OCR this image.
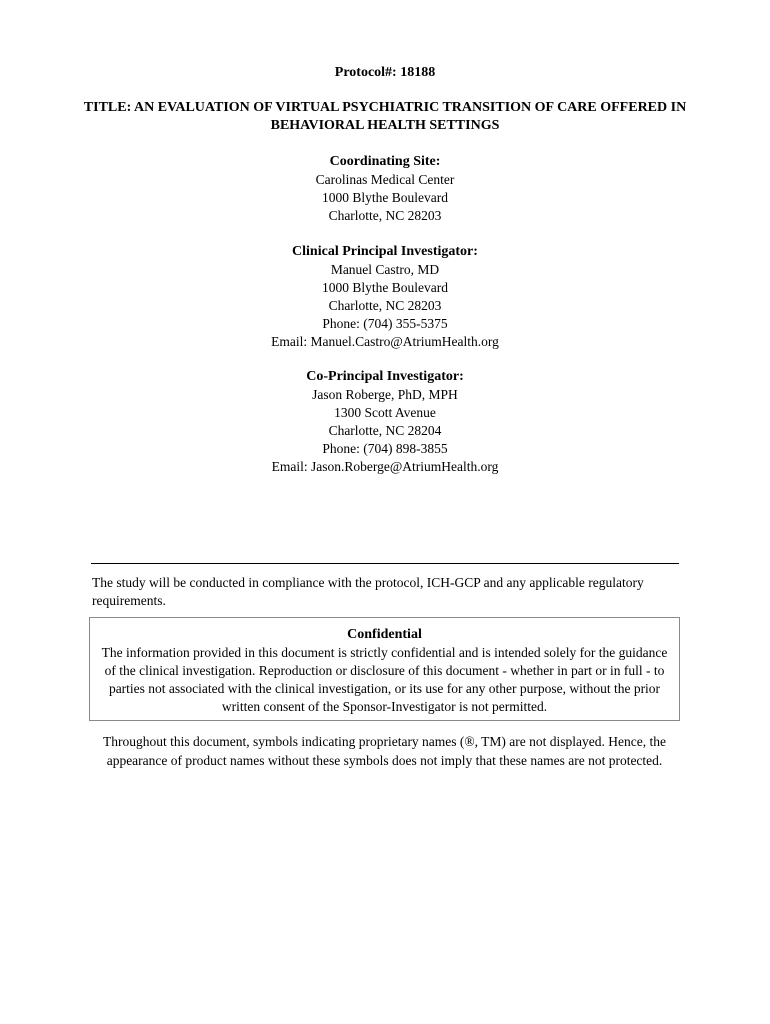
Protocol#: 18188
TITLE: AN EVALUATION OF VIRTUAL PSYCHIATRIC TRANSITION OF CARE OFFERED IN BEHAVIORAL HEALTH SETTINGS
Coordinating Site:
Carolinas Medical Center
1000 Blythe Boulevard
Charlotte, NC 28203
Clinical Principal Investigator:
Manuel Castro, MD
1000 Blythe Boulevard
Charlotte, NC 28203
Phone: (704) 355-5375
Email: Manuel.Castro@AtriumHealth.org
Co-Principal Investigator:
Jason Roberge, PhD, MPH
1300 Scott Avenue
Charlotte, NC 28204
Phone: (704) 898-3855
Email: Jason.Roberge@AtriumHealth.org
The study will be conducted in compliance with the protocol, ICH-GCP and any applicable regulatory requirements.
Confidential
The information provided in this document is strictly confidential and is intended solely for the guidance of the clinical investigation. Reproduction or disclosure of this document - whether in part or in full - to parties not associated with the clinical investigation, or its use for any other purpose, without the prior written consent of the Sponsor-Investigator is not permitted.
Throughout this document, symbols indicating proprietary names (®, TM) are not displayed. Hence, the appearance of product names without these symbols does not imply that these names are not protected.
